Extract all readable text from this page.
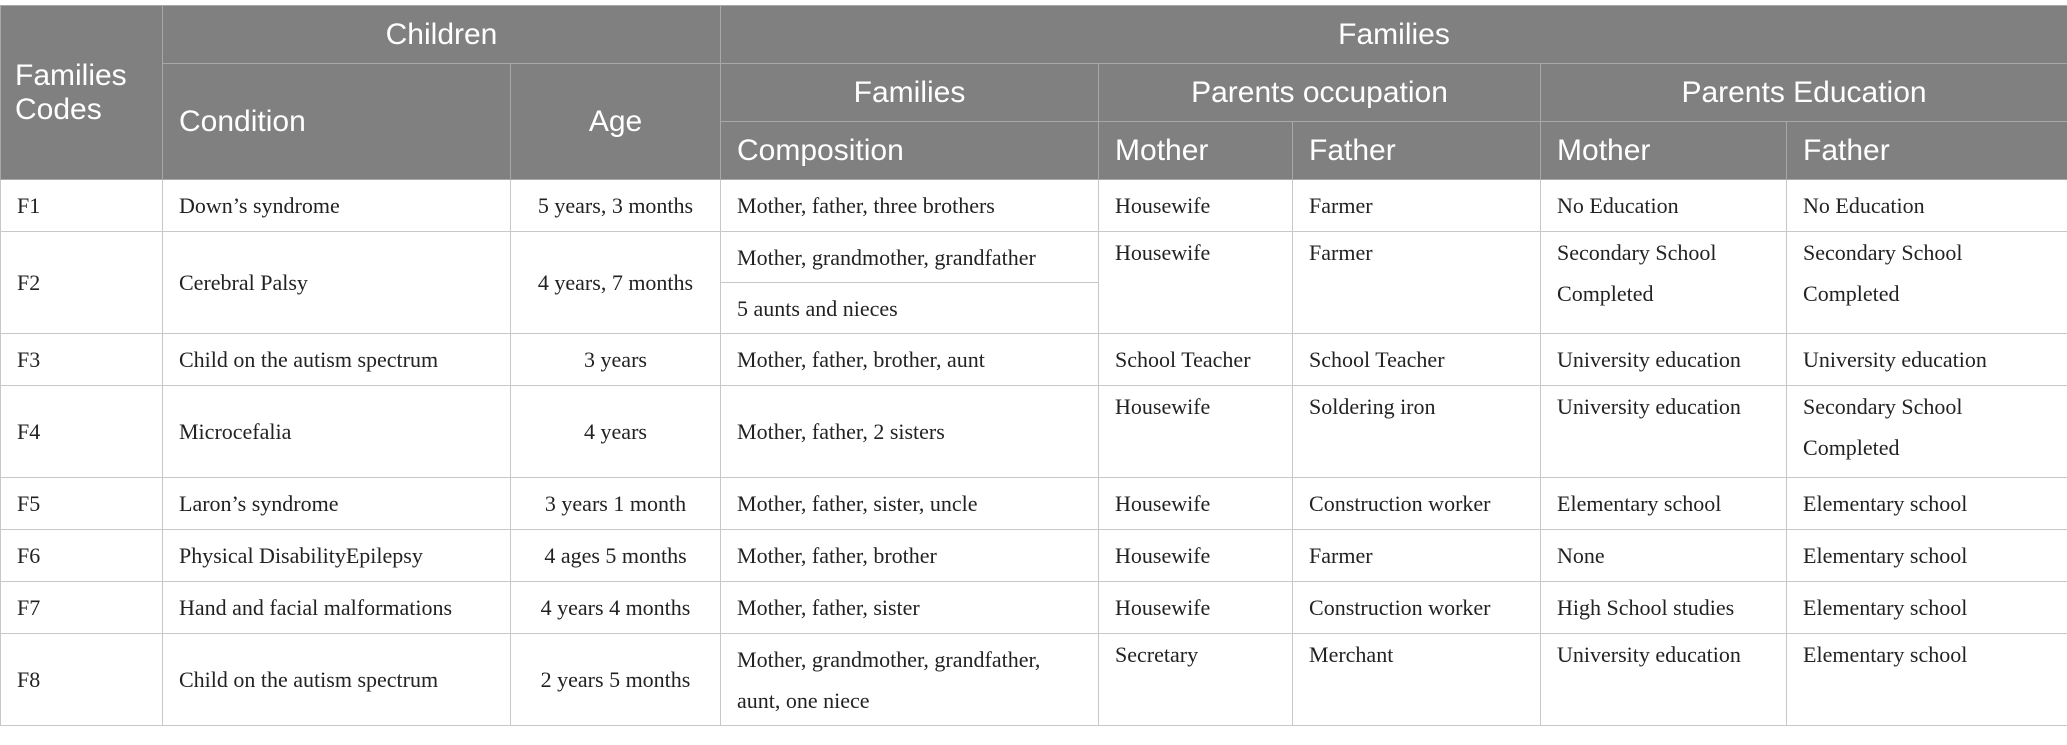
Families Codes	Children		Families				
	Condition	Age	Families	Parents occupation		Parents Education	
			Composition	Mother	Father	Mother	Father
F1	Down’s syndrome	5 years, 3 months	Mother, father, three brothers	Housewife	Farmer	No Education	No Education
F2	Cerebral Palsy	4 years, 7 months	Mother, grandmother, grandfather	Housewife	Farmer	Secondary School Completed	Secondary School Completed
			5 aunts and nieces				
F3	Child on the autism spectrum	3 years	Mother, father, brother, aunt	School Teacher	School Teacher	University education	University education
F4	Microcefalia	4 years	Mother, father, 2 sisters	Housewife	Soldering iron	University education	Secondary School Completed
F5	Laron’s syndrome	3 years 1 month	Mother, father, sister, uncle	Housewife	Construction worker	Elementary school	Elementary school
F6	Physical DisabilityEpilepsy	4 ages 5 months	Mother, father, brother	Housewife	Farmer	None	Elementary school
F7	Hand and facial malformations	4 years 4 months	Mother, father, sister	Housewife	Construction worker	High School studies	Elementary school
F8	Child on the autism spectrum	2 years 5 months	Mother, grandmother, grandfather, aunt, one niece	Secretary	Merchant	University education	Elementary school
